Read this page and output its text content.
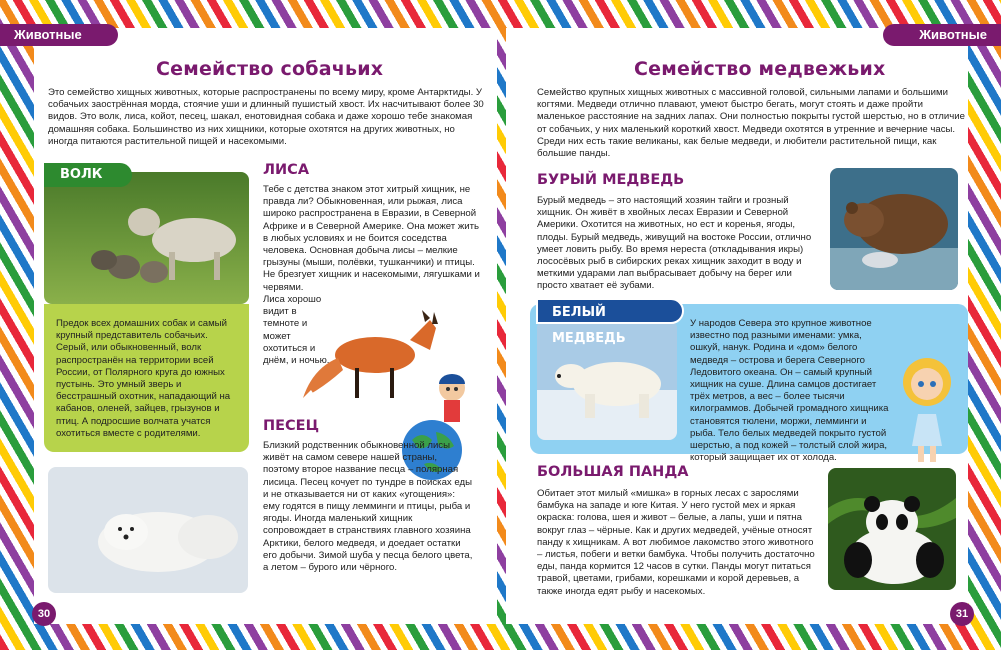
Животные	Животные
Семейство собачьих
Это семейство хищных животных, которые распространены по всему миру, кроме Антарктиды. У собачьих заострённая морда, стоячие уши и длинный пушистый хвост. Их насчитывают более 30 видов. Это волк, лиса, койот, песец, шакал, енотовидная собака и даже хорошо тебе знакомая домашняя собака. Большинство из них хищники, которые охотятся на других животных, но иногда питаются растительной пищей и насекомыми.
ВОЛК
Предок всех домашних собак и самый крупный представитель собачьих. Серый, или обыкновенный, волк распространён на территории всей России, от Полярного круга до южных пустынь. Это умный зверь и бесстрашный охотник, нападающий на кабанов, оленей, зайцев, грызунов и птиц. А подросшие волчата учатся охотиться вместе с родителями.
ЛИСА
Тебе с детства знаком этот хитрый хищник, не правда ли? Обыкновенная, или рыжая, лиса широко распространена в Евразии, в Северной Африке и в Северной Америке. Она может жить в любых условиях и не боится соседства человека. Основная добыча лисы – мелкие грызуны (мыши, полёвки, тушканчики) и птицы. Не брезгует хищник и насекомыми, лягушками и червями.
Лиса хорошо видит в темноте и может охотиться и днём, и ночью.
30
ПЕСЕЦ
Близкий родственник обыкновенной лисы живёт на самом севере нашей страны, поэтому второе название песца – полярная лисица. Песец кочует по тундре в поисках еды и не отказывается ни от каких «угощения»: ему годятся в пищу лемминги и птицы, рыба и ягоды. Иногда маленький хищник сопровождает в странствиях главного хозяина Арктики, белого медведя, и доедает остатки его добычи. Зимой шуба у песца белого цвета, а летом – бурого или чёрного.
Семейство медвежьих
Семейство крупных хищных животных с массивной головой, сильными лапами и большими когтями. Медведи отлично плавают, умеют быстро бегать, могут стоять и даже пройти маленькое расстояние на задних лапах. Они полностью покрыты густой шерстью, но в отличие от собачьих, у них маленький короткий хвост. Медведи охотятся в утренние и вечерние часы. Среди них есть такие великаны, как белые медведи, и любители растительной пищи, как большие панды.
БУРЫЙ МЕДВЕДЬ
Бурый медведь – это настоящий хозяин тайги и грозный хищник. Он живёт в хвойных лесах Евразии и Северной Америки. Охотится на животных, но ест и коренья, ягоды, плоды. Бурый медведь, живущий на востоке России, отлично умеет ловить рыбу. Во время нереста (откладывания икры) лососёвых рыб в сибирских реках хищник заходит в воду и меткими ударами лап выбрасывает добычу на берег или просто хватает её зубами.
БЕЛЫЙ МЕДВЕДЬ
У народов Севера это крупное животное известно под разными именами: умка, ошкуй, нанук. Родина и «дом» белого медведя – острова и берега Северного Ледовитого океана. Он – самый крупный хищник на суше. Длина самцов достигает трёх метров, а вес – более тысячи килограммов. Добычей громадного хищника становятся тюлени, моржи, лемминги и рыба. Тело белых медведей покрыто густой шерстью, а под кожей – толстый слой жира, который защищает их от холода.
БОЛЬШАЯ ПАНДА
Обитает этот милый «мишка» в горных лесах с зарослями бамбука на западе и юге Китая. У него густой мех и яркая окраска: голова, шея и живот – белые, а лапы, уши и пятна вокруг глаз – чёрные. Как и других медведей, учёные относят панду к хищникам. А вот любимое лакомство этого животного – листья, побеги и ветки бамбука. Чтобы получить достаточно еды, панда кормится 12 часов в сутки. Панды могут питаться травой, цветами, грибами, корешками и корой деревьев, а также иногда едят рыбу и насекомых.
31
